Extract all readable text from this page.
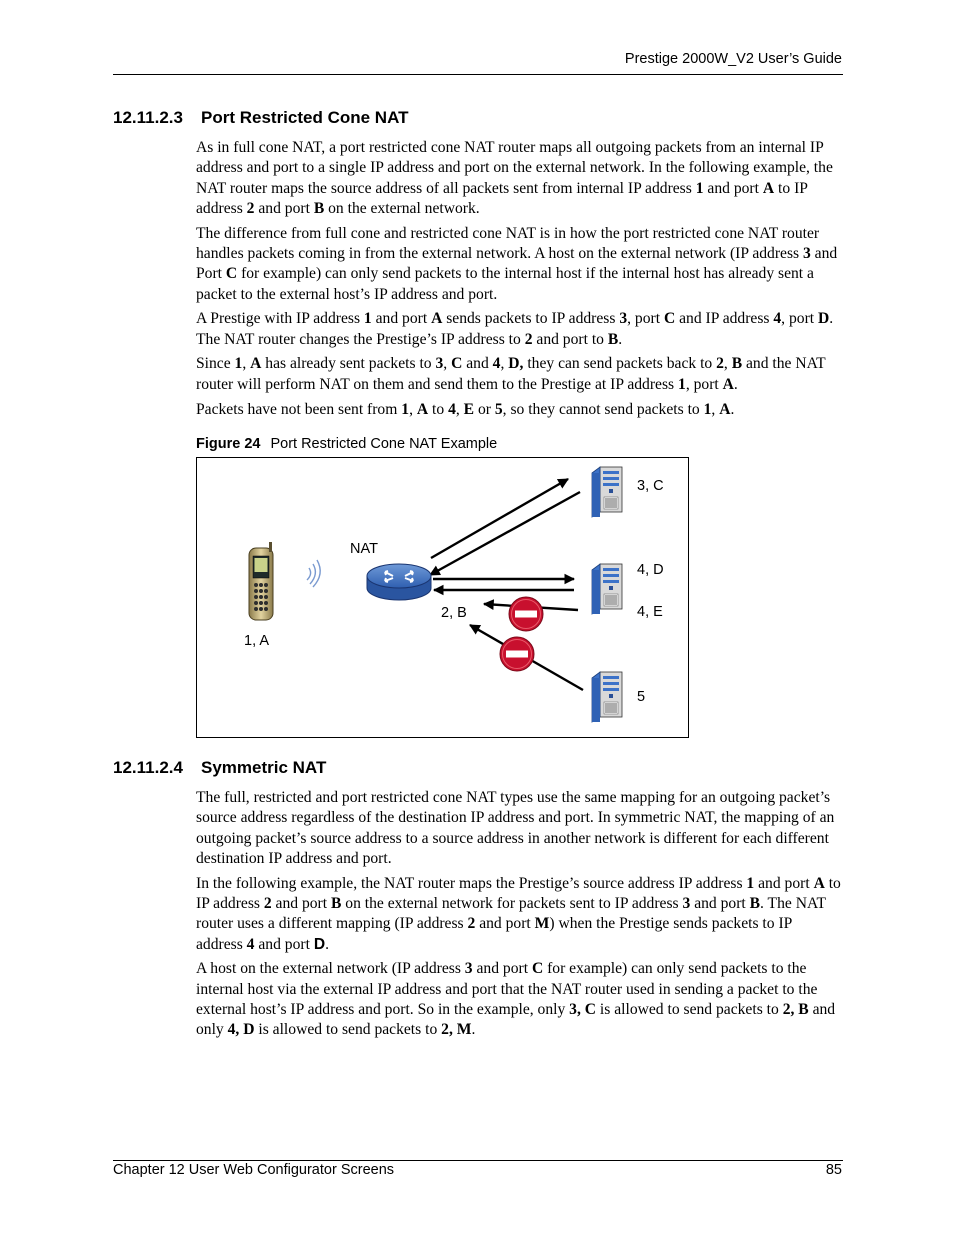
Prestige 2000W_V2 User’s Guide
12.11.2.3 Port Restricted Cone NAT

As in full cone NAT, a port restricted cone NAT router maps all outgoing packets from an internal IP address and port to a single IP address and port on the external network. In the following example, the NAT router maps the source address of all packets sent from internal IP address 1 and port A to IP address 2 and port B on the external network.

The difference from full cone and restricted cone NAT is in how the port restricted cone NAT router handles packets coming in from the external network. A host on the external network (IP address 3 and Port C for example) can only send packets to the internal host if the internal host has already sent a packet to the external host’s IP address and port.

A Prestige with IP address 1 and port A sends packets to IP address 3, port C and IP address 4, port D. The NAT router changes the Prestige’s IP address to 2 and port to B.

Since 1, A has already sent packets to 3, C and 4, D, they can send packets back to 2, B and the NAT router will perform NAT on them and send them to the Prestige at IP address 1, port A.

Packets have not been sent from 1, A to 4, E or 5, so they cannot send packets to 1, A.

Figure 24 Port Restricted Cone NAT Example
NAT
1, A
2, B
3, C
4, D
4, E
5
12.11.2.4 Symmetric NAT

The full, restricted and port restricted cone NAT types use the same mapping for an outgoing packet’s source address regardless of the destination IP address and port. In symmetric NAT, the mapping of an outgoing packet’s source address to a source address in another network is different for each different destination IP address and port.

In the following example, the NAT router maps the Prestige’s source address IP address 1 and port A to IP address 2 and port B on the external network for packets sent to IP address 3 and port B. The NAT router uses a different mapping (IP address 2 and port M) when the Prestige sends packets to IP address 4 and port D.

A host on the external network (IP address 3 and port C for example) can only send packets to the internal host via the external IP address and port that the NAT router used in sending a packet to the external host’s IP address and port. So in the example, only 3, C is allowed to send packets to 2, B and only 4, D is allowed to send packets to 2, M.

Chapter 12 User Web Configurator Screens	85
